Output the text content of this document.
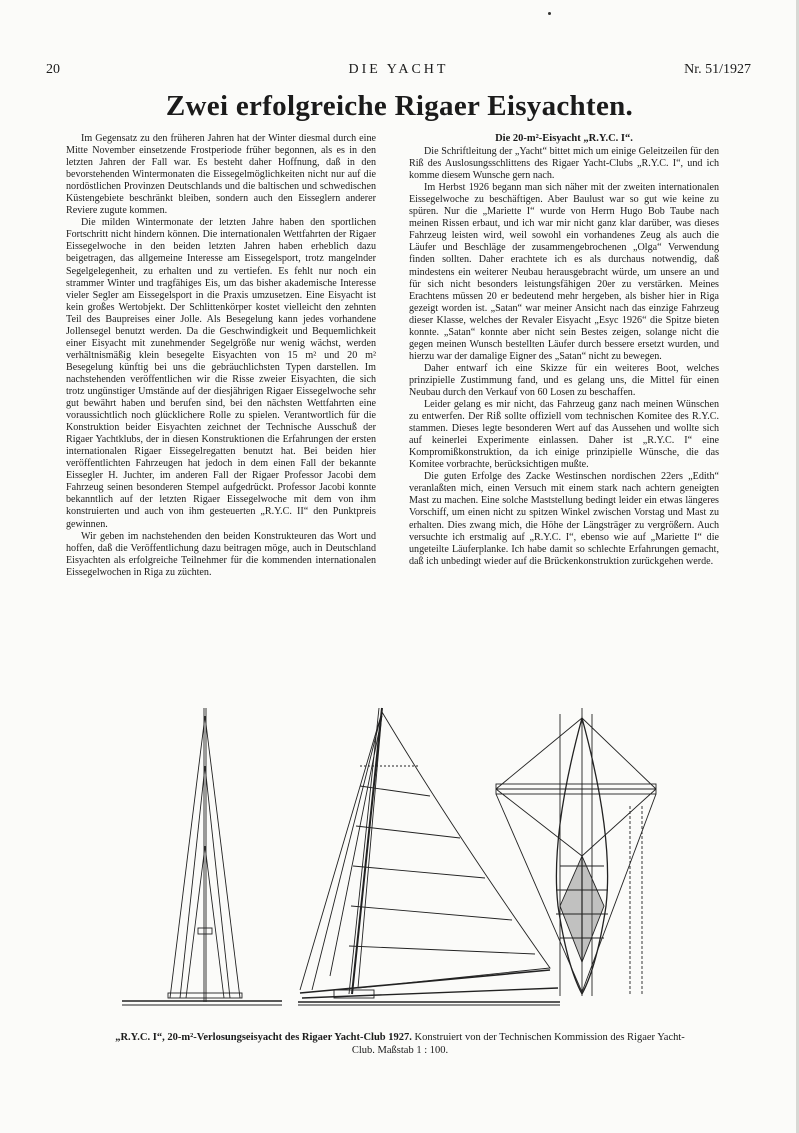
20	DIE YACHT	Nr. 51/1927
Zwei erfolgreiche Rigaer Eisyachten.

Im Gegensatz zu den früheren Jahren hat der Winter diesmal durch eine Mitte November einsetzende Frostperiode früher begonnen, als es in den letzten Jahren der Fall war. Es besteht daher Hoffnung, daß in den bevorstehenden Wintermonaten die Eissegelmöglichkeiten nicht nur auf die nordöstlichen Provinzen Deutschlands und die baltischen und schwedischen Küstengebiete beschränkt bleiben, sondern auch den Eisseglern anderer Reviere zugute kommen.

Die milden Wintermonate der letzten Jahre haben den sportlichen Fortschritt nicht hindern können. Die internationalen Wettfahrten der Rigaer Eissegelwoche in den beiden letzten Jahren haben erheblich dazu beigetragen, das allgemeine Interesse am Eissegelsport, trotz mangelnder Segelgelegenheit, zu erhalten und zu vertiefen. Es fehlt nur noch ein strammer Winter und tragfähiges Eis, um das bisher akademische Interesse vieler Segler am Eissegelsport in die Praxis umzusetzen. Eine Eisyacht ist kein großes Wertobjekt. Der Schlittenkörper kostet vielleicht den zehnten Teil des Baupreises einer Jolle. Als Besegelung kann jedes vorhandene Jollensegel benutzt werden. Da die Geschwindigkeit und Bequemlichkeit einer Eisyacht mit zunehmender Segelgröße nur wenig wächst, werden verhältnismäßig klein besegelte Eisyachten von 15 m² und 20 m² Besegelung künftig bei uns die gebräuchlichsten Typen darstellen. Im nachstehenden veröffentlichen wir die Risse zweier Eisyachten, die sich trotz ungünstiger Umstände auf der diesjährigen Rigaer Eissegelwoche sehr gut bewährt haben und berufen sind, bei den nächsten Wettfahrten eine voraussichtlich noch glücklichere Rolle zu spielen. Verantwortlich für die Konstruktion beider Eisyachten zeichnet der Technische Ausschuß der Rigaer Yachtklubs, der in diesen Konstruktionen die Erfahrungen der ersten internationalen Rigaer Eissegelregatten benutzt hat. Bei beiden hier veröffentlichten Fahrzeugen hat jedoch in dem einen Fall der bekannte Eissegler H. Juchter, im anderen Fall der Rigaer Professor Jacobi dem Fahrzeug seinen besonderen Stempel aufgedrückt. Professor Jacobi konnte bekanntlich auf der letzten Rigaer Eissegelwoche mit dem von ihm konstruierten und auch von ihm gesteuerten „R.Y.C. II“ den Punktpreis gewinnen.

Wir geben im nachstehenden den beiden Konstrukteuren das Wort und hoffen, daß die Veröffentlichung dazu beitragen möge, auch in Deutschland Eisyachten als erfolgreiche Teilnehmer für die kommenden internationalen Eissegelwochen in Riga zu züchten.

Die 20-m²-Eisyacht „R.Y.C. I“.

Die Schriftleitung der „Yacht“ bittet mich um einige Geleitzeilen für den Riß des Auslosungsschlittens des Rigaer Yacht-Clubs „R.Y.C. I“, und ich komme diesem Wunsche gern nach.

Im Herbst 1926 begann man sich näher mit der zweiten internationalen Eissegelwoche zu beschäftigen. Aber Baulust war so gut wie keine zu spüren. Nur die „Mariette I“ wurde von Herrn Hugo Bob Taube nach meinen Rissen erbaut, und ich war mir nicht ganz klar darüber, was dieses Fahrzeug leisten wird, weil sowohl ein vorhandenes Zeug als auch die Läufer und Beschläge der zusammengebrochenen „Olga“ Verwendung finden sollten. Daher erachtete ich es als durchaus notwendig, daß mindestens ein weiterer Neubau herausgebracht würde, um unsere an und für sich nicht besonders leistungsfähigen 20er zu verstärken. Meines Erachtens müssen 20 er bedeutend mehr hergeben, als bisher hier in Riga gezeigt worden ist. „Satan“ war meiner Ansicht nach das einzige Fahrzeug dieser Klasse, welches der Revaler Eisyacht „Esyc 1926“ die Spitze bieten konnte. „Satan“ konnte aber nicht sein Bestes zeigen, solange nicht die gegen meinen Wunsch bestellten Läufer durch bessere ersetzt wurden, und hierzu war der damalige Eigner des „Satan“ nicht zu bewegen.

Daher entwarf ich eine Skizze für ein weiteres Boot, welches prinzipielle Zustimmung fand, und es gelang uns, die Mittel für einen Neubau durch den Verkauf von 60 Losen zu beschaffen.

Leider gelang es mir nicht, das Fahrzeug ganz nach meinen Wünschen zu entwerfen. Der Riß sollte offiziell vom technischen Komitee des R.Y.C. stammen. Dieses legte besonderen Wert auf das Aussehen und wollte sich auf keinerlei Experimente einlassen. Daher ist „R.Y.C. I“ eine Kompromißkonstruktion, da ich einige prinzipielle Wünsche, die das Komitee vorbrachte, berücksichtigen mußte.

Die guten Erfolge des Zacke Westinschen nordischen 22ers „Edith“ veranlaßten mich, einen Versuch mit einem stark nach achtern geneigten Mast zu machen. Eine solche Maststellung bedingt leider ein etwas längeres Vorschiff, um einen nicht zu spitzen Winkel zwischen Vorstag und Mast zu erhalten. Dies zwang mich, die Höhe der Längsträger zu vergrößern. Auch versuchte ich erstmalig auf „R.Y.C. I“, ebenso wie auf „Mariette I“ die ungeteilte Läuferplanke. Ich habe damit so schlechte Erfahrungen gemacht, daß ich unbedingt wieder auf die Brückenkonstruktion zurückgehen werde.

„R.Y.C. I“, 20-m²-Verlosungseisyacht des Rigaer Yacht-Club 1927. Konstruiert von der Technischen Kommission des Rigaer Yacht-Club. Maßstab 1 : 100.
